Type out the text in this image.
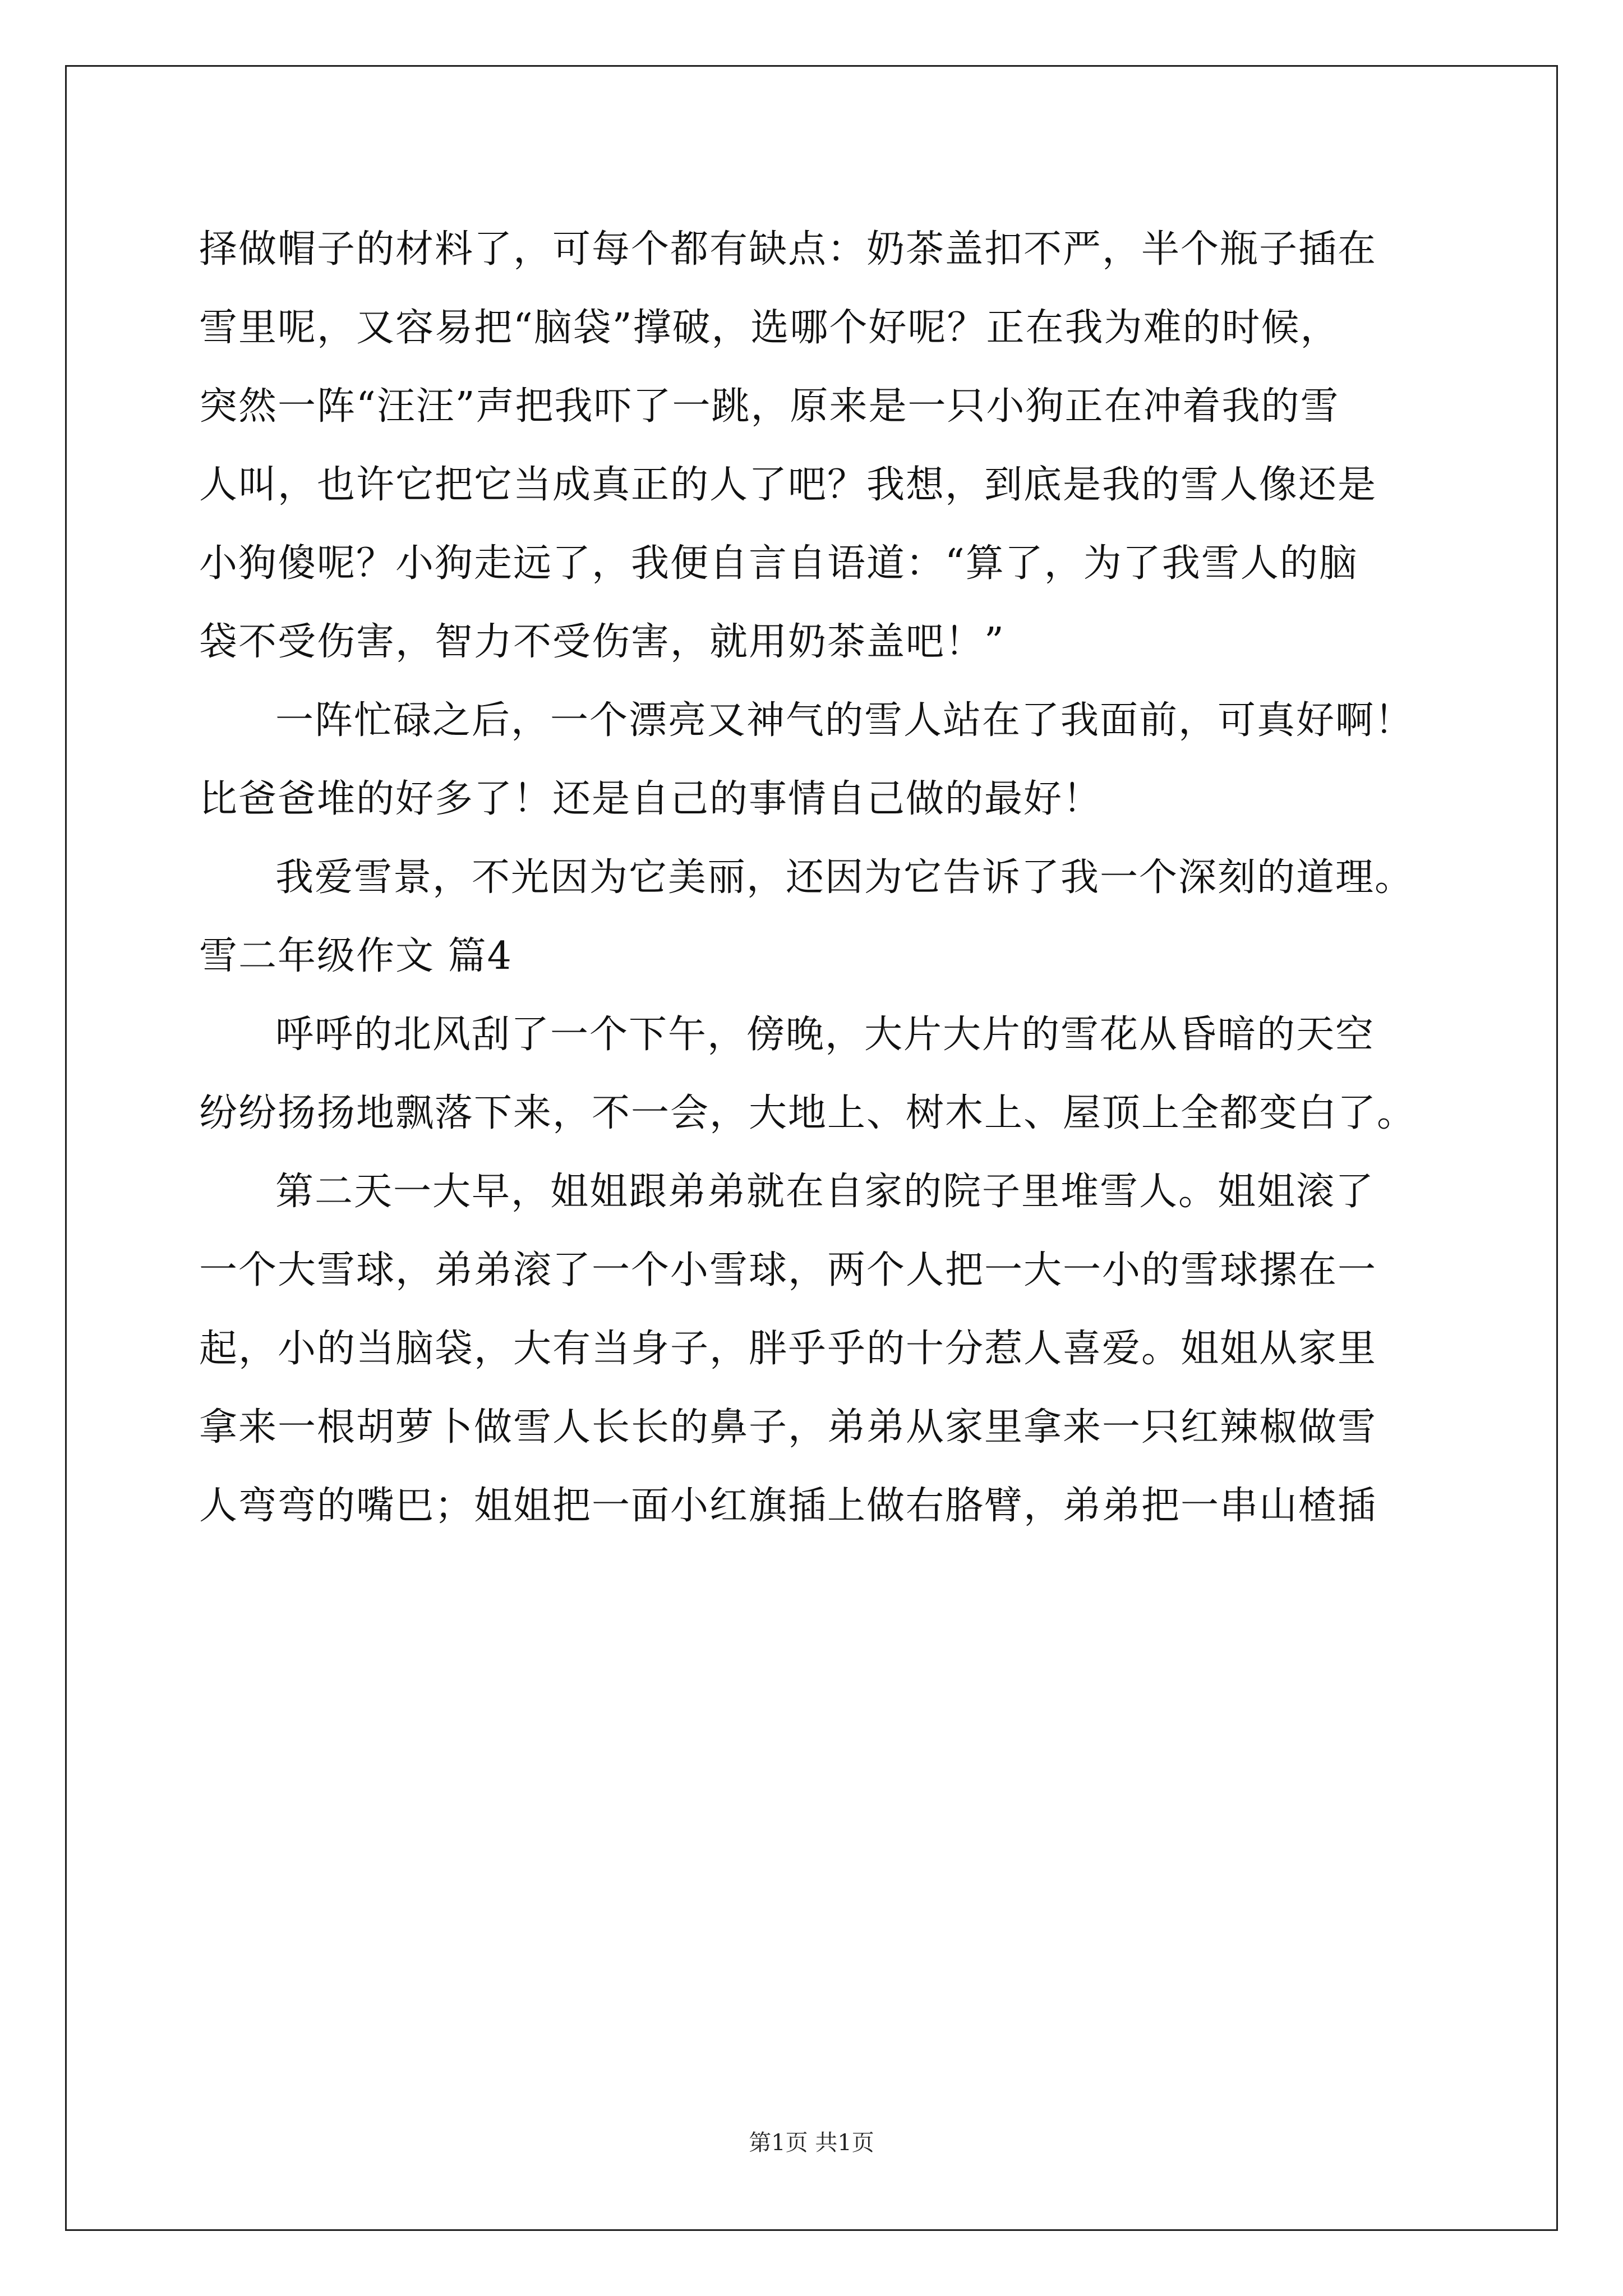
择做帽子的材料了，可每个都有缺点：奶茶盖扣不严，半个瓶子插在
雪里呢，又容易把“脑袋”撑破，选哪个好呢？正在我为难的时候，
突然一阵“汪汪”声把我吓了一跳，原来是一只小狗正在冲着我的雪
人叫，也许它把它当成真正的人了吧？我想，到底是我的雪人像还是
小狗傻呢？小狗走远了，我便自言自语道：“算了，为了我雪人的脑
袋不受伤害，智力不受伤害，就用奶茶盖吧！”
一阵忙碌之后，一个漂亮又神气的雪人站在了我面前，可真好啊！
比爸爸堆的好多了！还是自己的事情自己做的最好！
我爱雪景，不光因为它美丽，还因为它告诉了我一个深刻的道理。
雪二年级作文 篇4
呼呼的北风刮了一个下午，傍晚，大片大片的雪花从昏暗的天空
纷纷扬扬地飘落下来，不一会，大地上、树木上、屋顶上全都变白了。
第二天一大早，姐姐跟弟弟就在自家的院子里堆雪人。姐姐滚了
一个大雪球，弟弟滚了一个小雪球，两个人把一大一小的雪球摞在一
起，小的当脑袋，大有当身子，胖乎乎的十分惹人喜爱。姐姐从家里
拿来一根胡萝卜做雪人长长的鼻子，弟弟从家里拿来一只红辣椒做雪
人弯弯的嘴巴；姐姐把一面小红旗插上做右胳臂，弟弟把一串山楂插
第1页 共1页
